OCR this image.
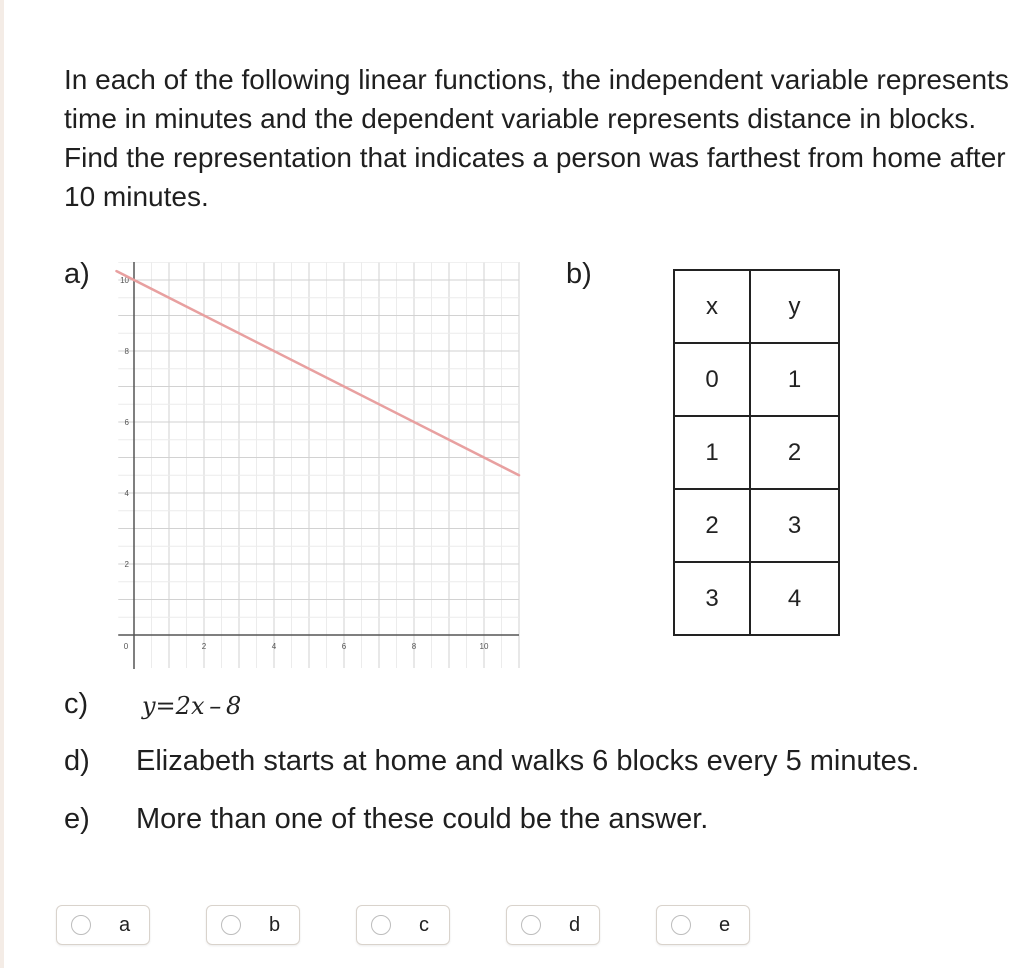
In each of the following linear functions, the independent variable represents time in minutes and the dependent variable represents distance in blocks. Find the representation that indicates a person was farthest from home after 10 minutes.
a)
0	2	4	6	8	10
2
4
6
8
10	b)
x	y
0	1
1	2
2	3
3	4
c) y=2x – 8
d) Elizabeth starts at home and walks 6 blocks every 5 minutes.
e) More than one of these could be the answer.
a	b	c	d	e
